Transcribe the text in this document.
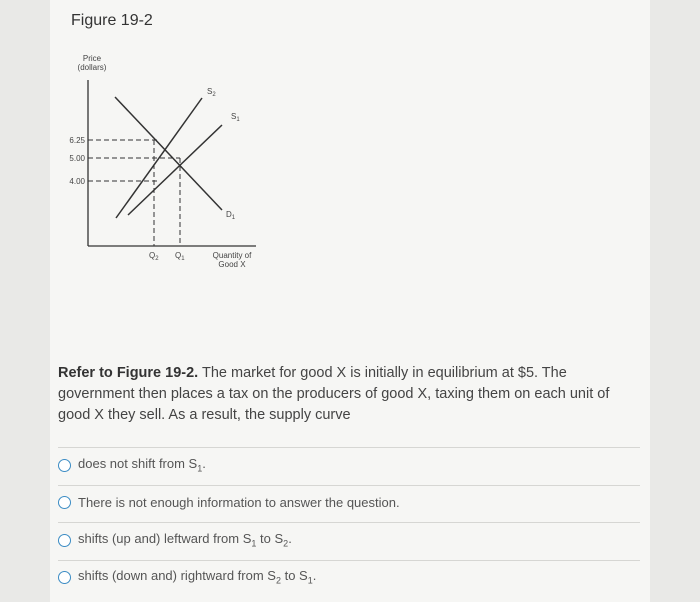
Figure 19-2
Price
(dollars)
6.25
5.00
4.00
$Q_2$ $Q_1$	Quantity of
Good X
$S_2$
$S_1$
$D_1$
Refer to Figure 19-2. The market for good X is initially in equilibrium at $5. The government then places a tax on the producers of good X, taxing them on each unit of good X they sell. As a result, the supply curve
does not shift from $S_1$.
There is not enough information to answer the question.
shifts (up and) leftward from $S_1$ to $S_2$.
shifts (down and) rightward from $S_2$ to $S_1$.
